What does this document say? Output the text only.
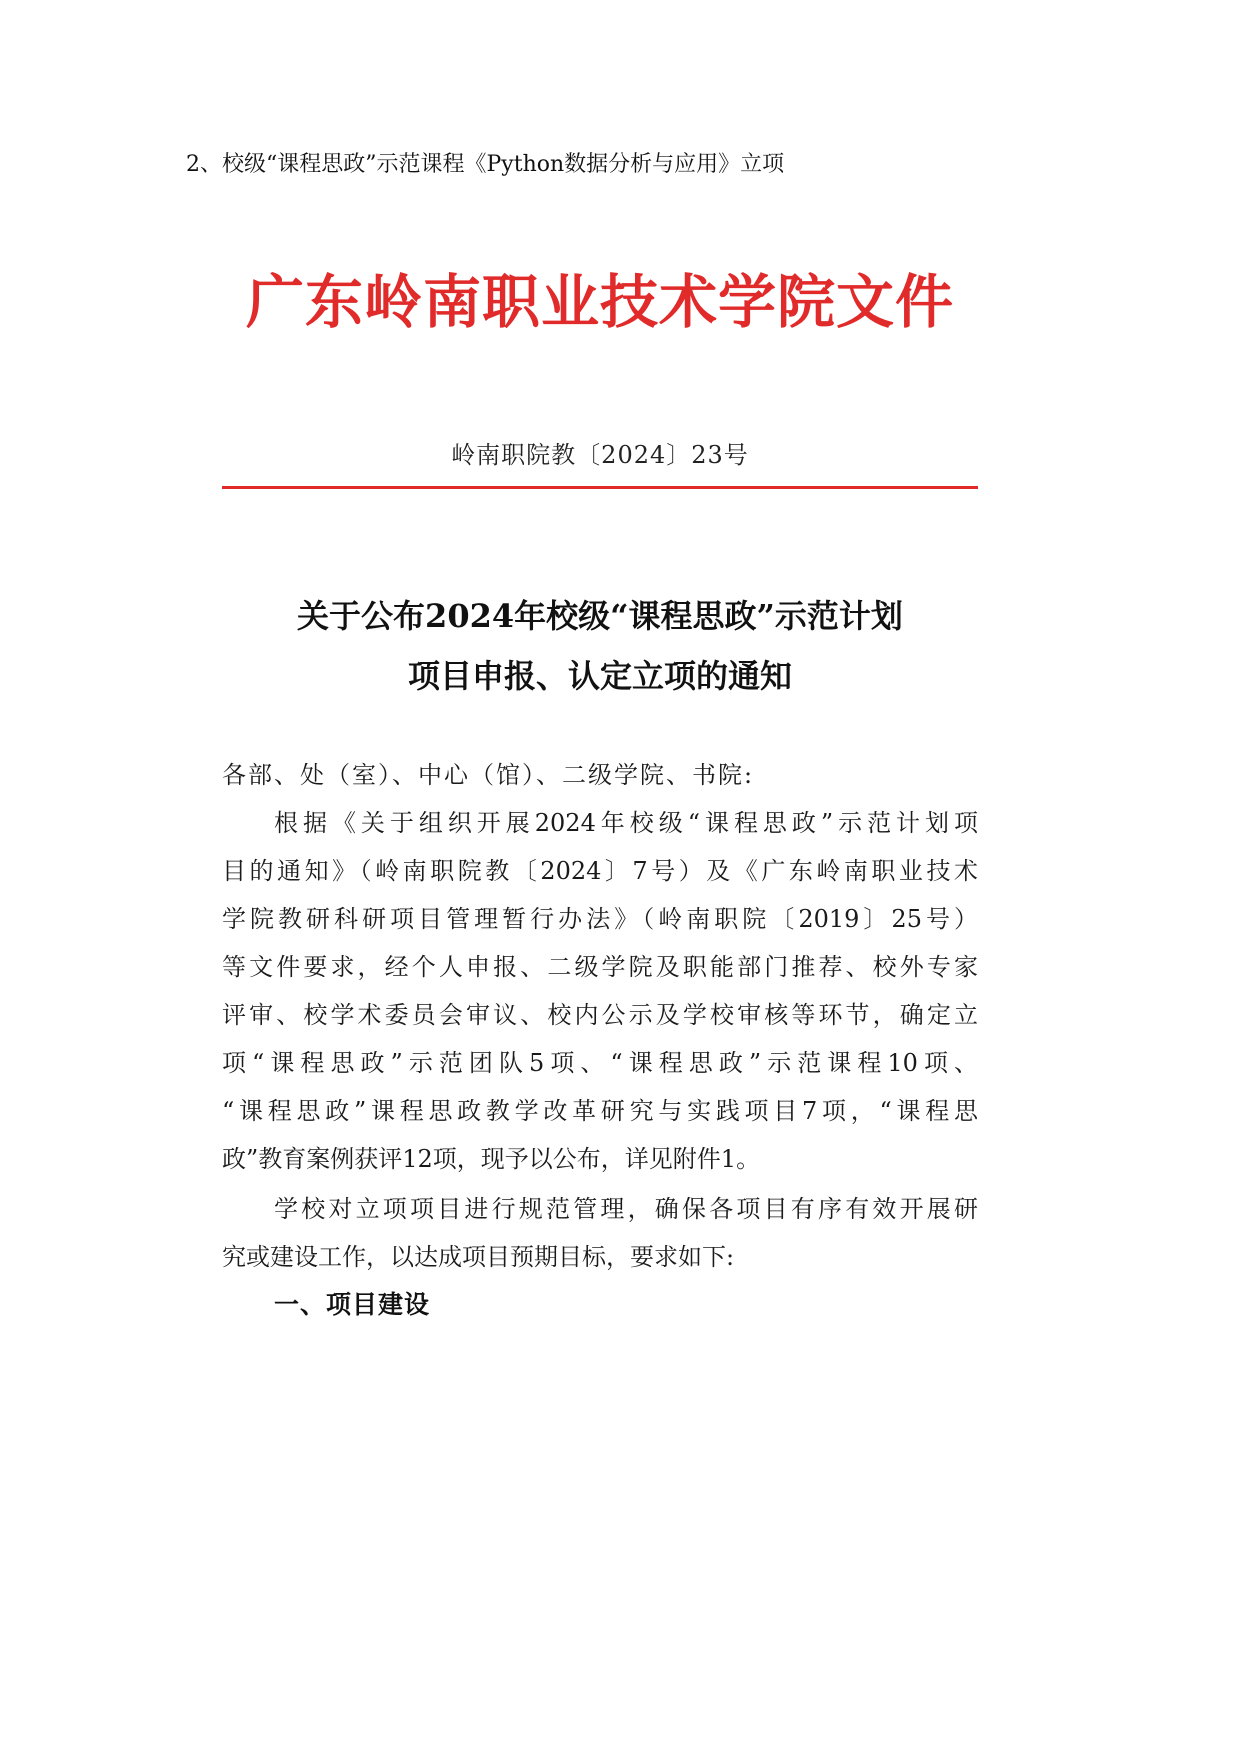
2、校级“课程思政”示范课程《Python数据分析与应用》立项
广东岭南职业技术学院文件
岭南职院教〔2024〕23号
关于公布2024年校级“课程思政”示范计划
项目申报、认定立项的通知
各部、处（室）、中心（馆）、二级学院、书院:
根据《关于组织开展2024年校级“课程思政”示范计划项
目的通知》（岭南职院教〔2024〕7号）及《广东岭南职业技术
学院教研科研项目管理暂行办法》（岭南职院〔2019〕25号）
等文件要求，经个人申报、二级学院及职能部门推荐、校外专家
评审、校学术委员会审议、校内公示及学校审核等环节，确定立
项“课程思政”示范团队5项、“课程思政”示范课程10项、
“课程思政”课程思政教学改革研究与实践项目7项，“课程思
政”教育案例获评12项，现予以公布，详见附件1。
学校对立项项目进行规范管理，确保各项目有序有效开展研
究或建设工作，以达成项目预期目标，要求如下:
一、项目建设
